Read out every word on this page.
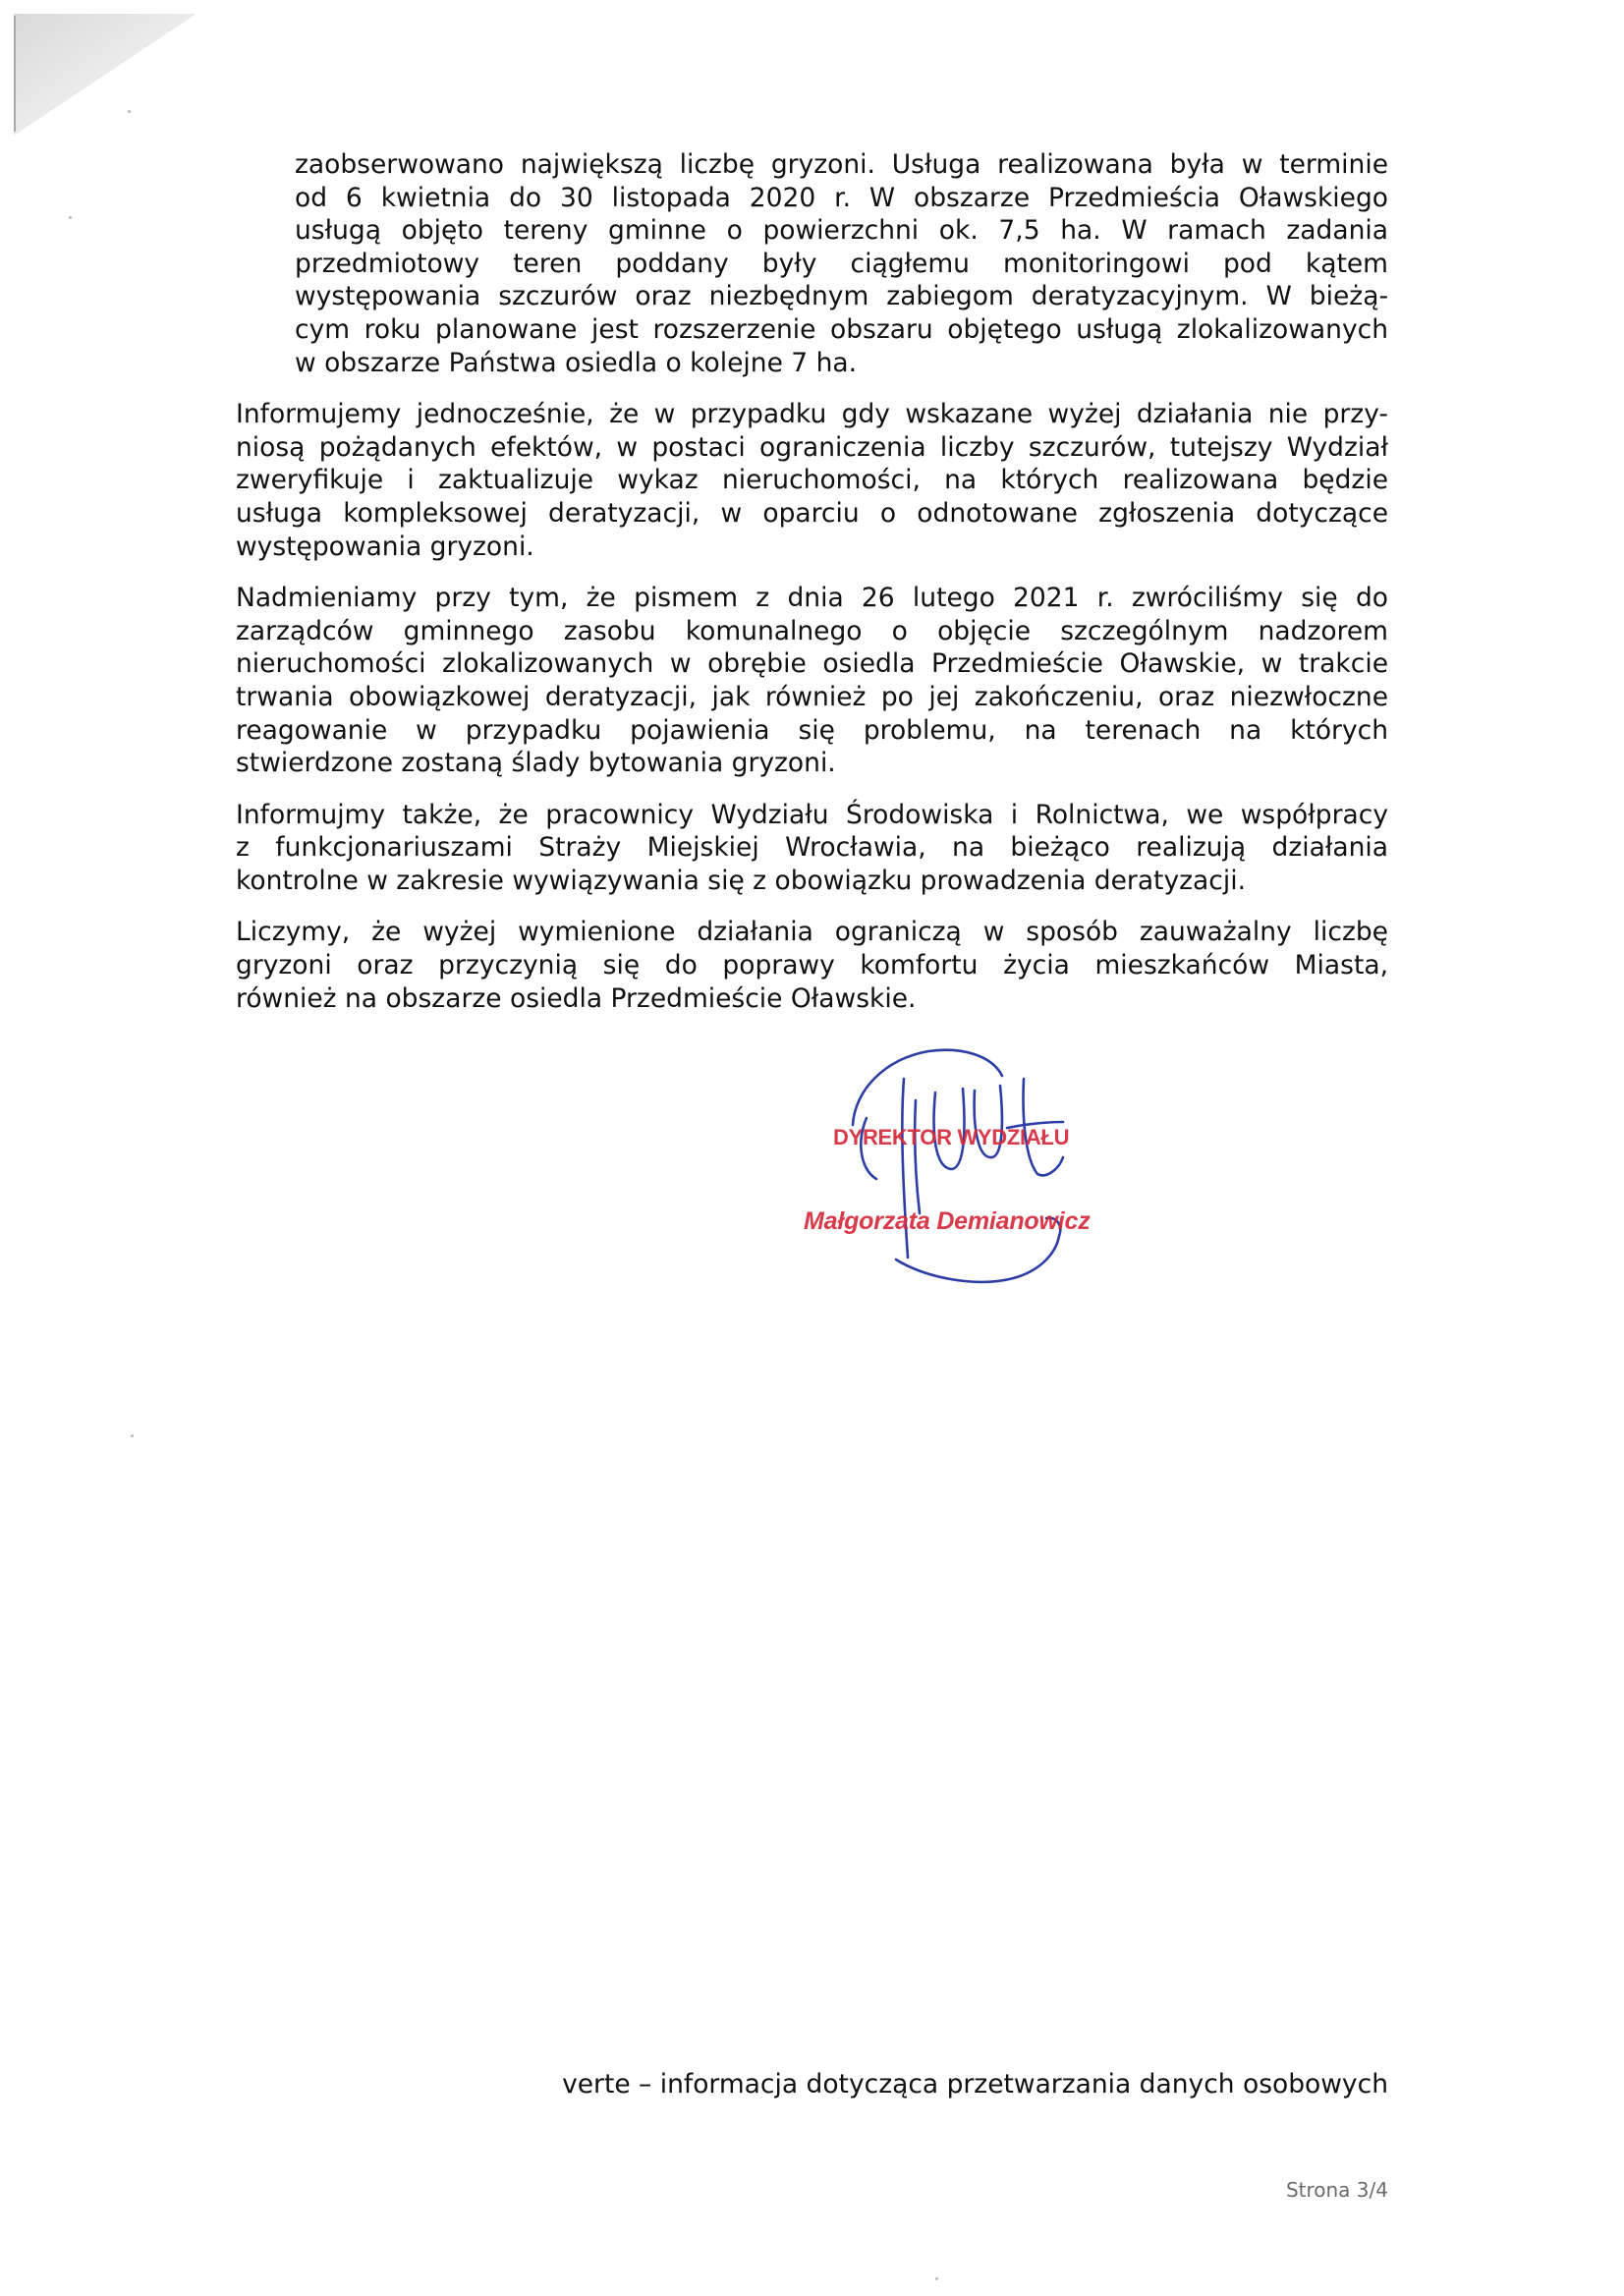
zaobserwowano największą liczbę gryzoni. Usługa realizowana była w terminie
od 6 kwietnia do 30 listopada 2020 r. W obszarze Przedmieścia Oławskiego
usługą objęto tereny gminne o powierzchni ok. 7,5 ha. W ramach zadania
przedmiotowy teren poddany były ciągłemu monitoringowi pod kątem
występowania szczurów oraz niezbędnym zabiegom deratyzacyjnym. W bieżą-
cym roku planowane jest rozszerzenie obszaru objętego usługą zlokalizowanych
w obszarze Państwa osiedla o kolejne 7 ha.
Informujemy jednocześnie, że w przypadku gdy wskazane wyżej działania nie przy-
niosą pożądanych efektów, w postaci ograniczenia liczby szczurów, tutejszy Wydział
zweryfikuje i zaktualizuje wykaz nieruchomości, na których realizowana będzie
usługa kompleksowej deratyzacji, w oparciu o odnotowane zgłoszenia dotyczące
występowania gryzoni.
Nadmieniamy przy tym, że pismem z dnia 26 lutego 2021 r. zwróciliśmy się do
zarządców gminnego zasobu komunalnego o objęcie szczególnym nadzorem
nieruchomości zlokalizowanych w obrębie osiedla Przedmieście Oławskie, w trakcie
trwania obowiązkowej deratyzacji, jak również po jej zakończeniu, oraz niezwłoczne
reagowanie w przypadku pojawienia się problemu, na terenach na których
stwierdzone zostaną ślady bytowania gryzoni.
Informujmy także, że pracownicy Wydziału Środowiska i Rolnictwa, we współpracy
z funkcjonariuszami Straży Miejskiej Wrocławia, na bieżąco realizują działania
kontrolne w zakresie wywiązywania się z obowiązku prowadzenia deratyzacji.
Liczymy, że wyżej wymienione działania ograniczą w sposób zauważalny liczbę
gryzoni oraz przyczynią się do poprawy komfortu życia mieszkańców Miasta,
również na obszarze osiedla Przedmieście Oławskie.
DYREKTOR WYDZIAŁU
Małgorzata Demianowicz
verte – informacja dotycząca przetwarzania danych osobowych
Strona 3/4
